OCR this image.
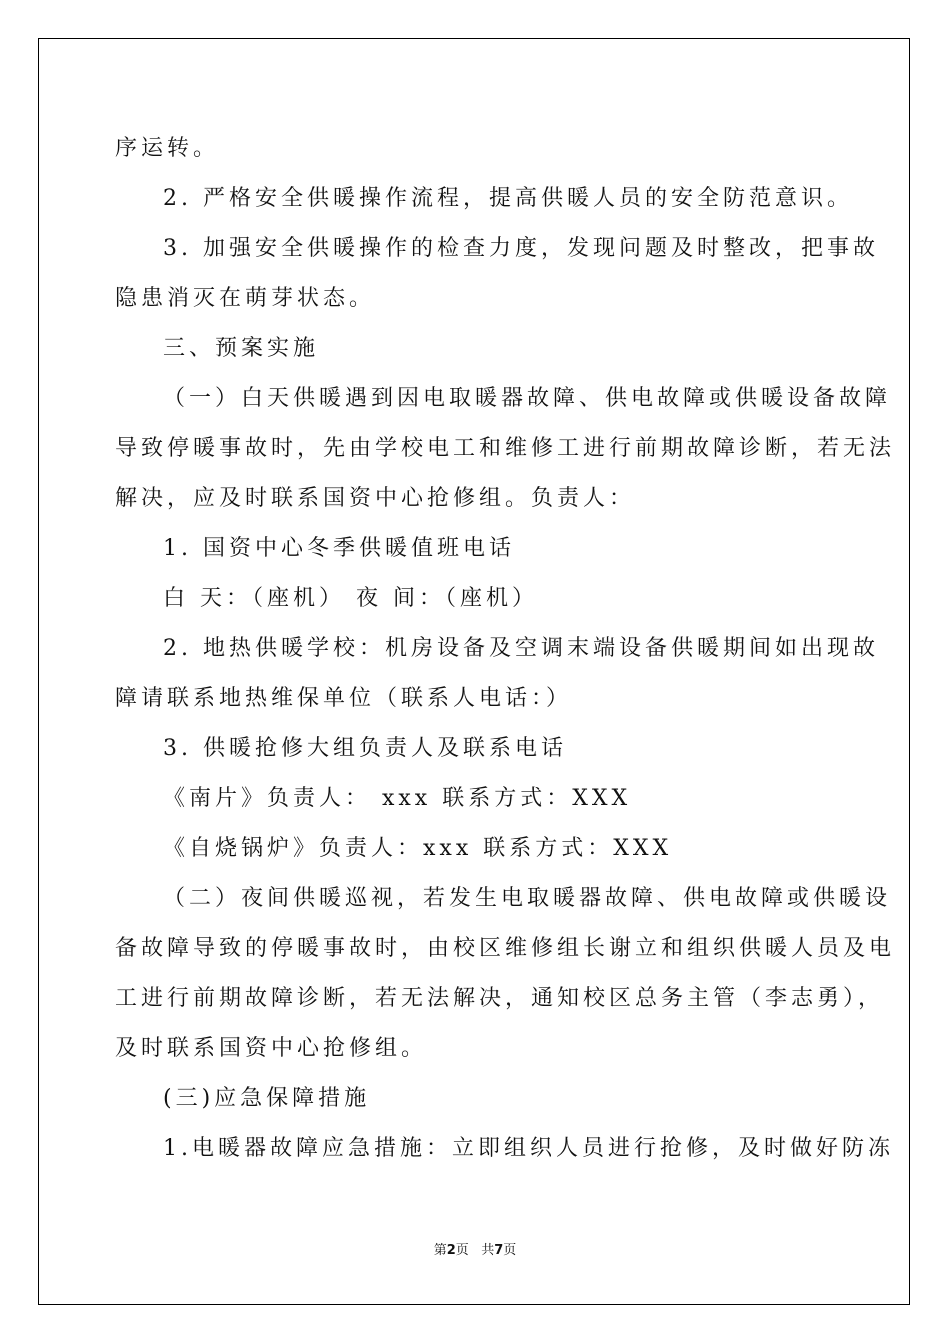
序运转。
2. 严格安全供暖操作流程，提高供暖人员的安全防范意识。
3. 加强安全供暖操作的检查力度，发现问题及时整改，把事故
隐患消灭在萌芽状态。
三、预案实施
（一）白天供暖遇到因电取暖器故障、供电故障或供暖设备故障
导致停暖事故时，先由学校电工和维修工进行前期故障诊断，若无法
解决，应及时联系国资中心抢修组。负责人：
1. 国资中心冬季供暖值班电话
白 天：（座机） 夜 间：（座机）
2. 地热供暖学校：机房设备及空调末端设备供暖期间如出现故
障请联系地热维保单位（联系人电话：）
3. 供暖抢修大组负责人及联系电话
《南片》负责人： xxx 联系方式：XXX
《自烧锅炉》负责人：xxx 联系方式：XXX
（二）夜间供暖巡视，若发生电取暖器故障、供电故障或供暖设
备故障导致的停暖事故时，由校区维修组长谢立和组织供暖人员及电
工进行前期故障诊断，若无法解决，通知校区总务主管（李志勇），
及时联系国资中心抢修组。
(三)应急保障措施
1.电暖器故障应急措施：立即组织人员进行抢修，及时做好防冻
第2页   共7页
